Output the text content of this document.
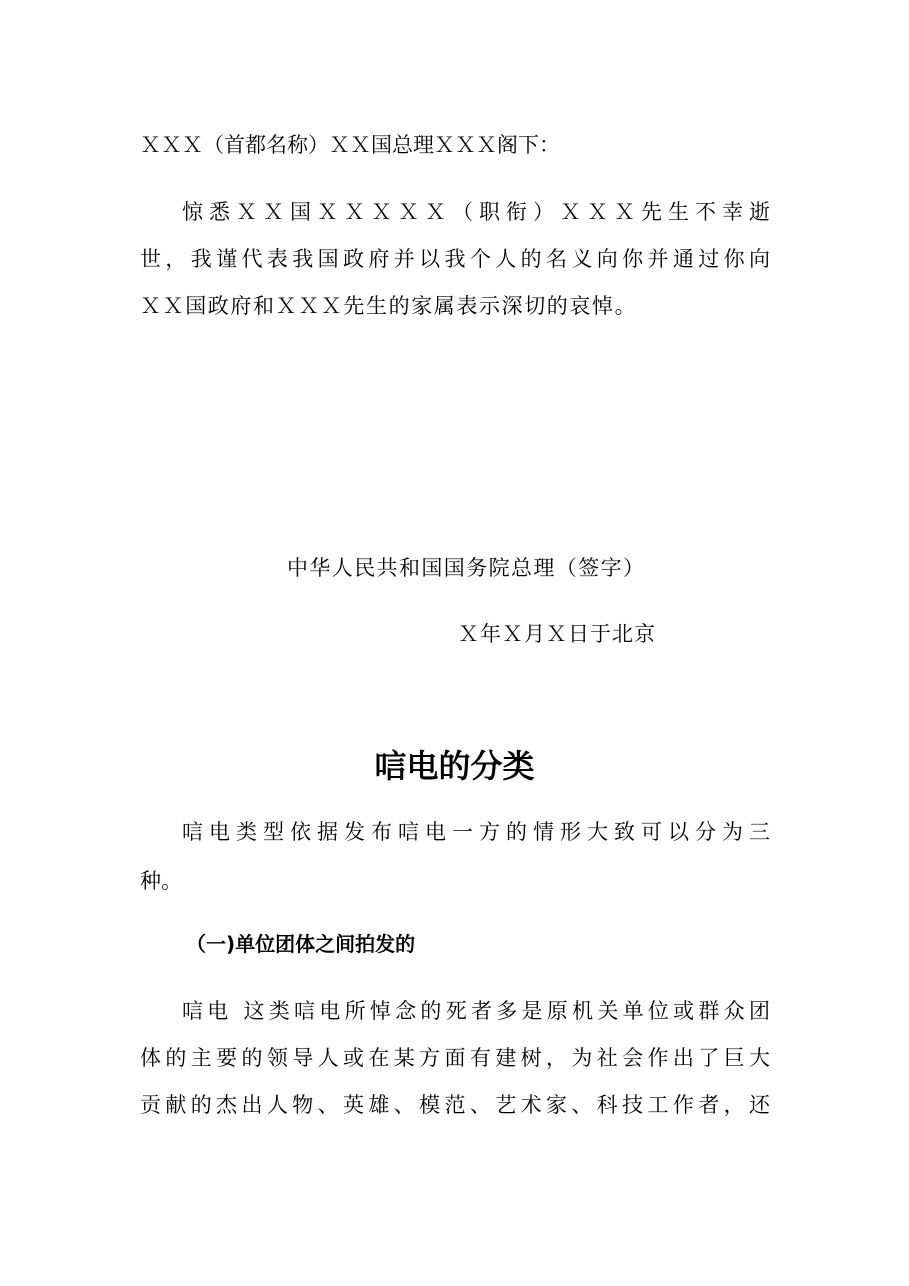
ＸＸＸ（首都名称）ＸＸ国总理ＸＸＸ阁下：

惊悉ＸＸ国ＸＸＸＸＸ（职衔）ＸＸＸ先生不幸逝

世，我谨代表我国政府并以我个人的名义向你并通过你向

ＸＸ国政府和ＸＸＸ先生的家属表示深切的哀悼。

中华人民共和国国务院总理（签字）

Ｘ年Ｘ月Ｘ日于北京

唁电的分类

唁电类型依据发布唁电一方的情形大致可以分为三

种。

（一)单位团体之间拍发的

唁电 这类唁电所悼念的死者多是原机关单位或群众团

体的主要的领导人或在某方面有建树，为社会作出了巨大

贡献的杰出人物、英雄、模范、艺术家、科技工作者，还
